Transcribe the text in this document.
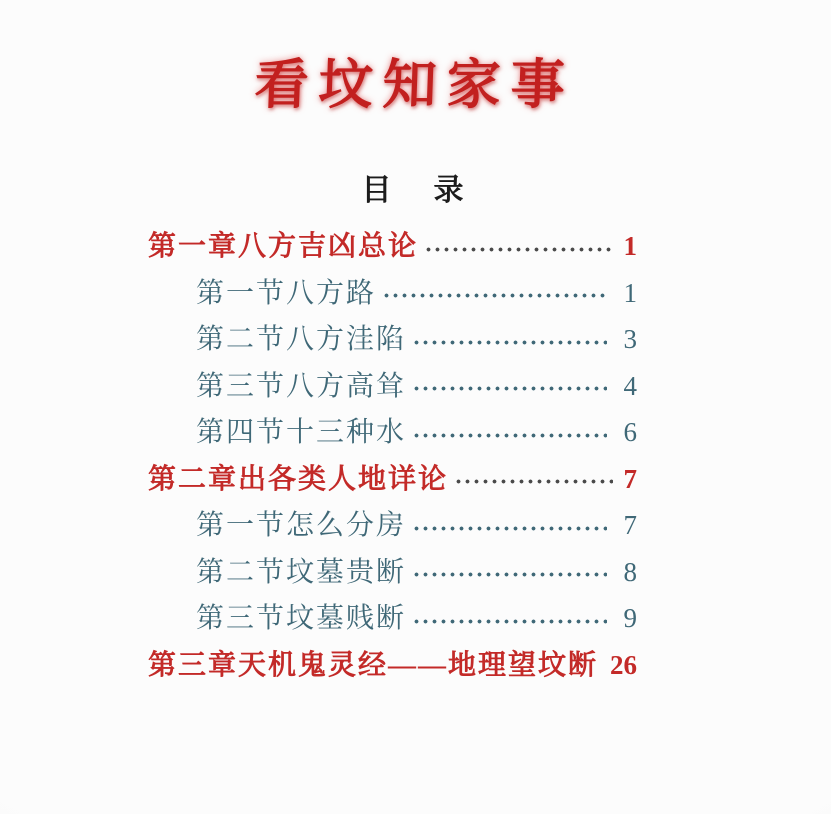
看坟知家事
目　录
第一章八方吉凶总论	1
第一节八方路	1
第二节八方洼陷	3
第三节八方高耸	4
第四节十三种水	6
第二章出各类人地详论	7
第一节怎么分房	7
第二节坟墓贵断	8
第三节坟墓贱断	9
第三章天机鬼灵经——地理望坟断 26
